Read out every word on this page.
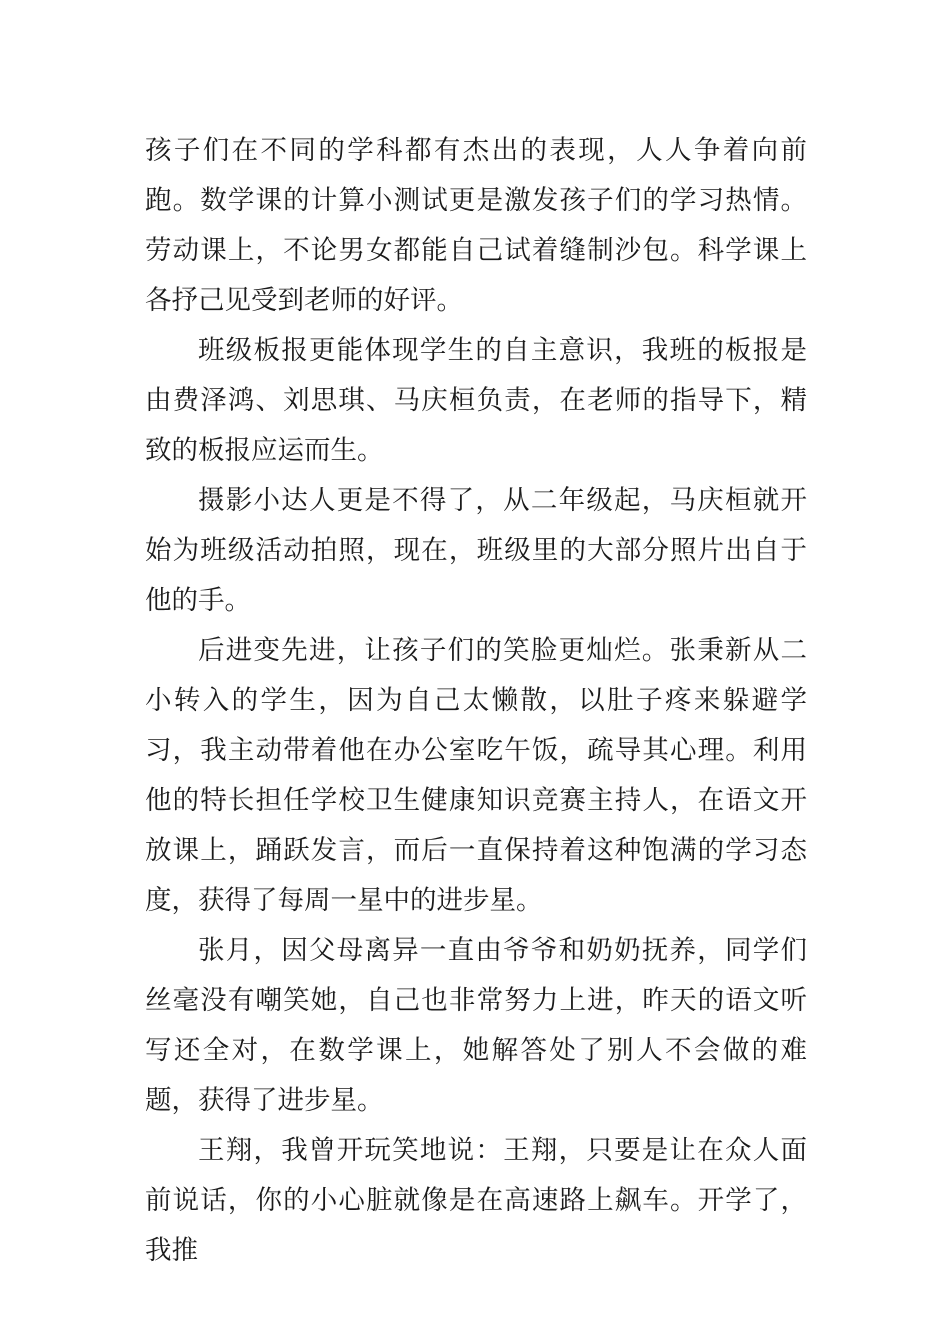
孩子们在不同的学科都有杰出的表现，人人争着向前跑。数学课的计算小测试更是激发孩子们的学习热情。劳动课上，不论男女都能自己试着缝制沙包。科学课上各抒己见受到老师的好评。

班级板报更能体现学生的自主意识，我班的板报是由费泽鸿、刘思琪、马庆桓负责，在老师的指导下，精致的板报应运而生。

摄影小达人更是不得了，从二年级起，马庆桓就开始为班级活动拍照，现在，班级里的大部分照片出自于他的手。

后进变先进，让孩子们的笑脸更灿烂。张秉新从二小转入的学生，因为自己太懒散，以肚子疼来躲避学习，我主动带着他在办公室吃午饭，疏导其心理。利用他的特长担任学校卫生健康知识竞赛主持人，在语文开放课上，踊跃发言，而后一直保持着这种饱满的学习态度，获得了每周一星中的进步星。

张月，因父母离异一直由爷爷和奶奶抚养，同学们丝毫没有嘲笑她，自己也非常努力上进，昨天的语文听写还全对，在数学课上，她解答处了别人不会做的难题，获得了进步星。

王翔，我曾开玩笑地说：王翔，只要是让在众人面前说话，你的小心脏就像是在高速路上飙车。开学了，我推
